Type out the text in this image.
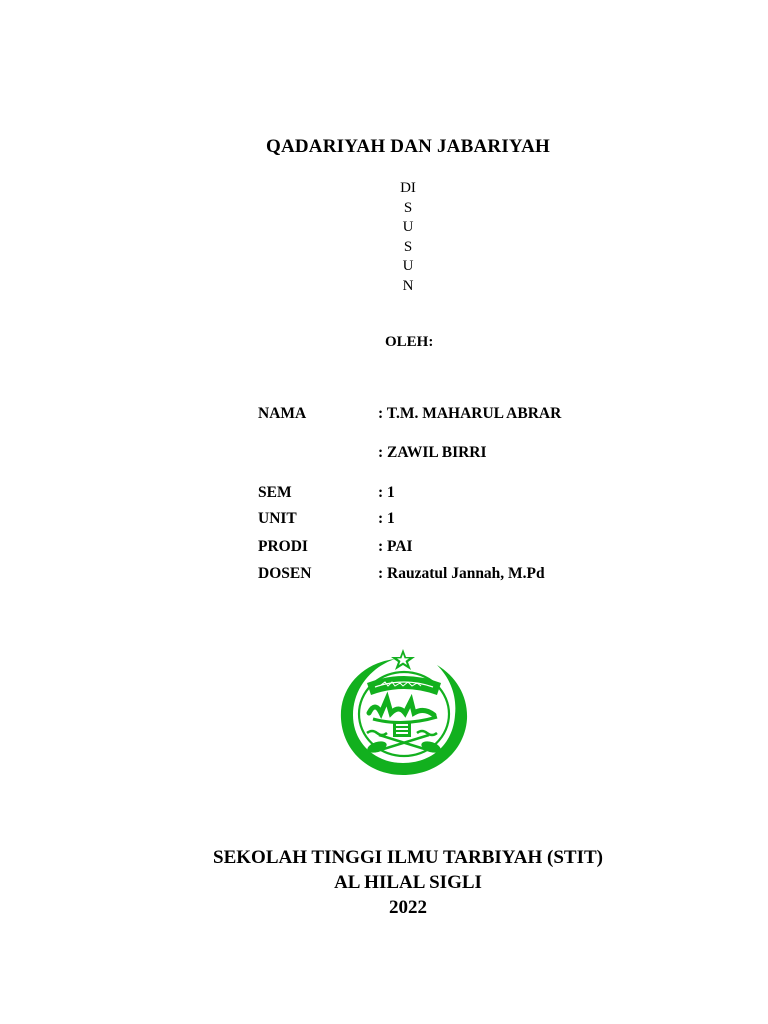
QADARIYAH DAN JABARIYAH
DI
S
U
S
U
N
OLEH:
NAMA	: T.M. MAHARUL ABRAR
: ZAWIL BIRRI
SEM	: 1
UNIT	: 1
PRODI	: PAI
DOSEN	: Rauzatul Jannah, M.Pd
SEKOLAH TINGGI ILMU TARBIYAH (STIT)
AL HILAL SIGLI
2022
